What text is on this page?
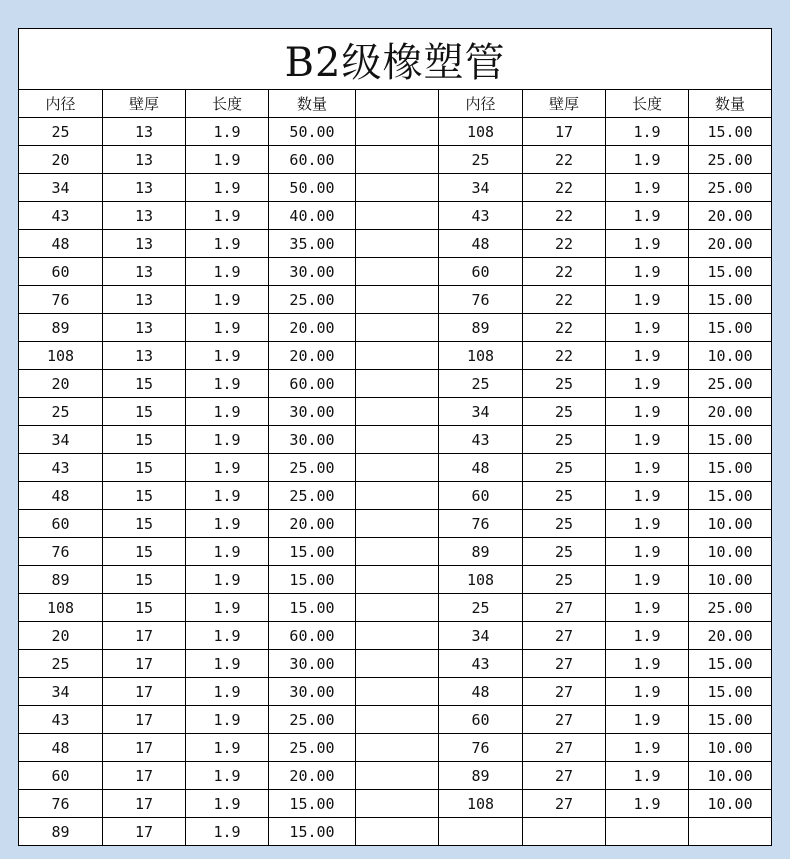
B2级橡塑管								
内径	壁厚	长度	数量		内径	壁厚	长度	数量
25	13	1.9	50.00		108	17	1.9	15.00
20	13	1.9	60.00		25	22	1.9	25.00
34	13	1.9	50.00		34	22	1.9	25.00
43	13	1.9	40.00		43	22	1.9	20.00
48	13	1.9	35.00		48	22	1.9	20.00
60	13	1.9	30.00		60	22	1.9	15.00
76	13	1.9	25.00		76	22	1.9	15.00
89	13	1.9	20.00		89	22	1.9	15.00
108	13	1.9	20.00		108	22	1.9	10.00
20	15	1.9	60.00		25	25	1.9	25.00
25	15	1.9	30.00		34	25	1.9	20.00
34	15	1.9	30.00		43	25	1.9	15.00
43	15	1.9	25.00		48	25	1.9	15.00
48	15	1.9	25.00		60	25	1.9	15.00
60	15	1.9	20.00		76	25	1.9	10.00
76	15	1.9	15.00		89	25	1.9	10.00
89	15	1.9	15.00		108	25	1.9	10.00
108	15	1.9	15.00		25	27	1.9	25.00
20	17	1.9	60.00		34	27	1.9	20.00
25	17	1.9	30.00		43	27	1.9	15.00
34	17	1.9	30.00		48	27	1.9	15.00
43	17	1.9	25.00		60	27	1.9	15.00
48	17	1.9	25.00		76	27	1.9	10.00
60	17	1.9	20.00		89	27	1.9	10.00
76	17	1.9	15.00		108	27	1.9	10.00
89	17	1.9	15.00					
